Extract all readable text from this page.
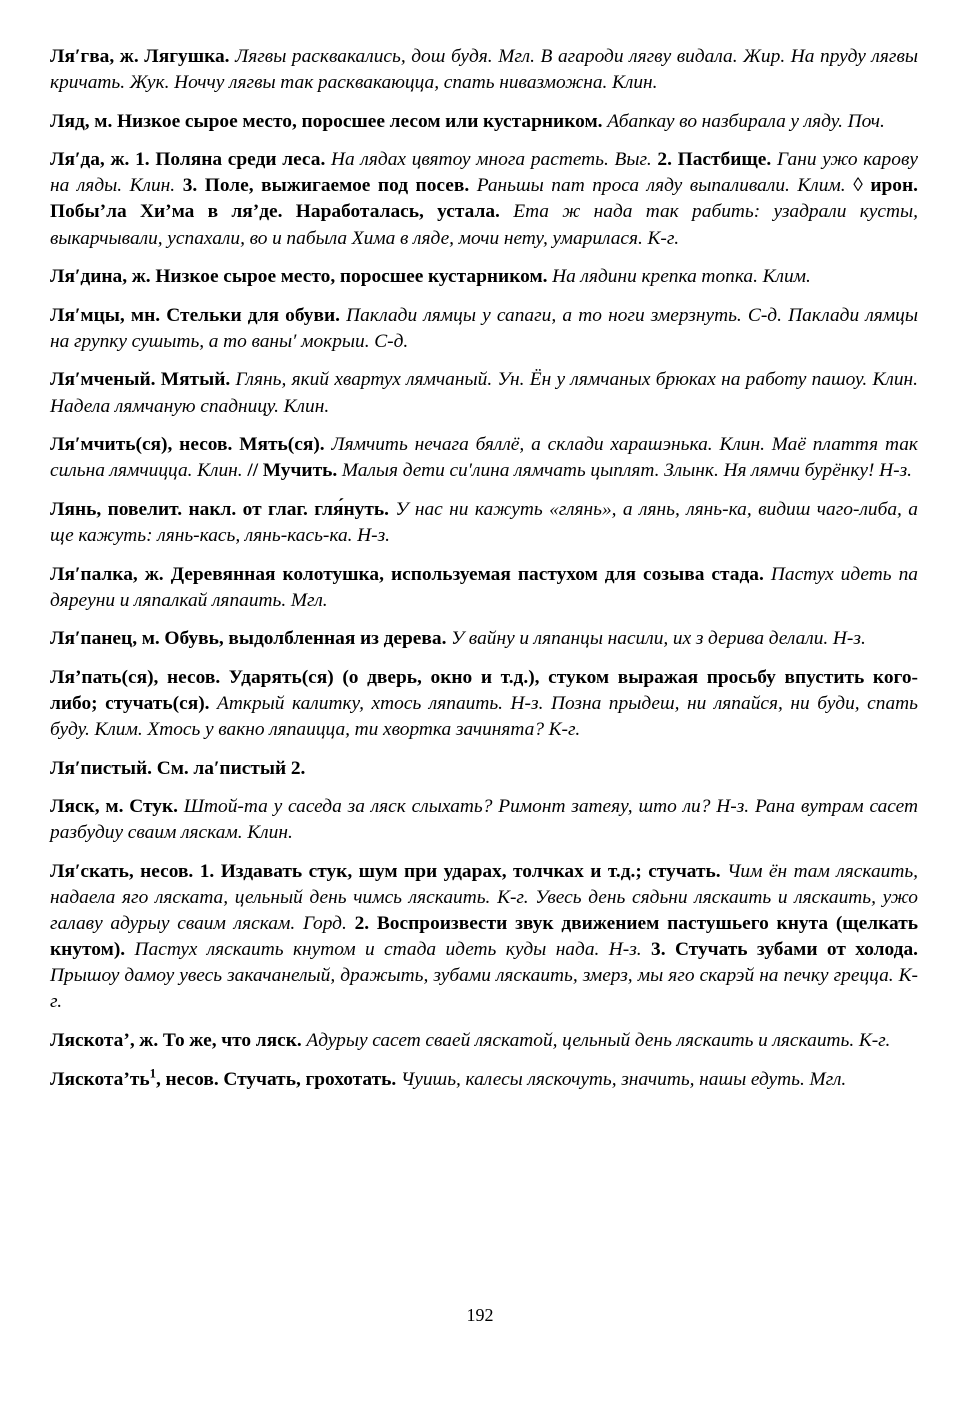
Ля′гва, ж. Лягушка. Лягвы расквакались, дош будя. Мгл. В агароди лягву видала. Жир. На пруду лягвы кричать. Жук. Ноччу лягвы так расквакаюцца, спать нивазможна. Клин.

Ляд, м. Низкое сырое место, поросшее лесом или кустарником. Абапкау во назбирала у ляду. Поч.

Ля′да, ж. 1. Поляна среди леса. На лядах цвятоу многа растеть. Выг. 2. Пастбище. Гани ужо карову на ляды. Клин. 3. Поле, выжигаемое под посев. Раньшы пат проса ляду выпаливали. Клим. ◊ ирон. Побы’ла Хи’ма в ля’де. Наработалась, устала. Ета ж нада так рабить: узадрали кусты, выкарчывали, успахали, во и пабыла Хима в ляде, мочи нету, умарилася. К-г.

Ля′дина, ж. Низкое сырое место, поросшее кустарником. На лядини крепка топка. Клим.

Ля′мцы, мн. Стельки для обуви. Паклади лямцы у сапаги, а то ноги змерзнуть. С-д. Паклади лямцы на групку сушыть, а то ваны′ мокрыи. С-д.

Ля′мченый. Мятый. Глянь, який хвартух лямчаный. Ун. Ён у лямчаных брюках на работу пашоу. Клин. Надела лямчаную спадницу. Клин.

Ля′мчить(ся), несов. Мять(ся). Лямчить нечага бяллё, а склади харашэнька. Клин. Маё плаття так сильна лямчицца. Клин. // Мучить. Малыя дети си′лина лямчать цыплят. Злынк. Ня лямчи бурёнку! Н-з.

Лянь, повелит. накл. от глаг. гля́нуть. У нас ни кажуть «глянь», а лянь, лянь-ка, видиш чаго-либа, а ще кажуть: лянь-кась, лянь-кась-ка. Н-з.

Ля′палка, ж. Деревянная колотушка, используемая пастухом для созыва стада. Пастух идеть па дяреуни и ляпалкай ляпаить. Мгл.

Ля′панец, м. Обувь, выдолбленная из дерева. У вайну и ляпанцы насили, их з дерива делали. Н-з.

Ля’пать(ся), несов. Ударять(ся) (о дверь, окно и т.д.), стуком выражая просьбу впустить кого-либо; стучать(ся). Аткрый калитку, хтось ляпаить. Н-з. Позна прыдеш, ни ляпайся, ни буди, спать буду. Клим. Хтось у вакно ляпаицца, ти хвортка зачинята? К-г.

Ля′пистый. См. ла′пистый 2.

Ляск, м. Стук. Штой-та у саседа за ляск слыхать? Римонт затеяу, што ли? Н-з. Рана вутрам сасет разбудиу сваим ляскам. Клин.

Ля′скать, несов. 1. Издавать стук, шум при ударах, толчках и т.д.; стучать. Чим ён там ляскаить, надаела яго ляската, цельный день чимсь ляскаить. К-г. Увесь день сядьни ляскаить и ляскаить, ужо галаву адурыу сваим ляскам. Горд. 2. Воспроизвести звук движением пастушьего кнута (щелкать кнутом). Пастух ляскаить кнутом и стада идеть куды нада. Н-з. 3. Стучать зубами от холода. Прышоу дамоу увесь закачанелый, дражыть, зубами ляскаить, змерз, мы яго скарэй на печку грецца. К-г.

Ляскота’, ж. То же, что ляск. Адурыу сасет сваей ляскатой, цельный день ляскаить и ляскаить. К-г.

$Ляскота’ть^1$, несов. Стучать, грохотать. Чуишь, калесы ляскочуть, значить, нашы едуть. Мгл.

192
